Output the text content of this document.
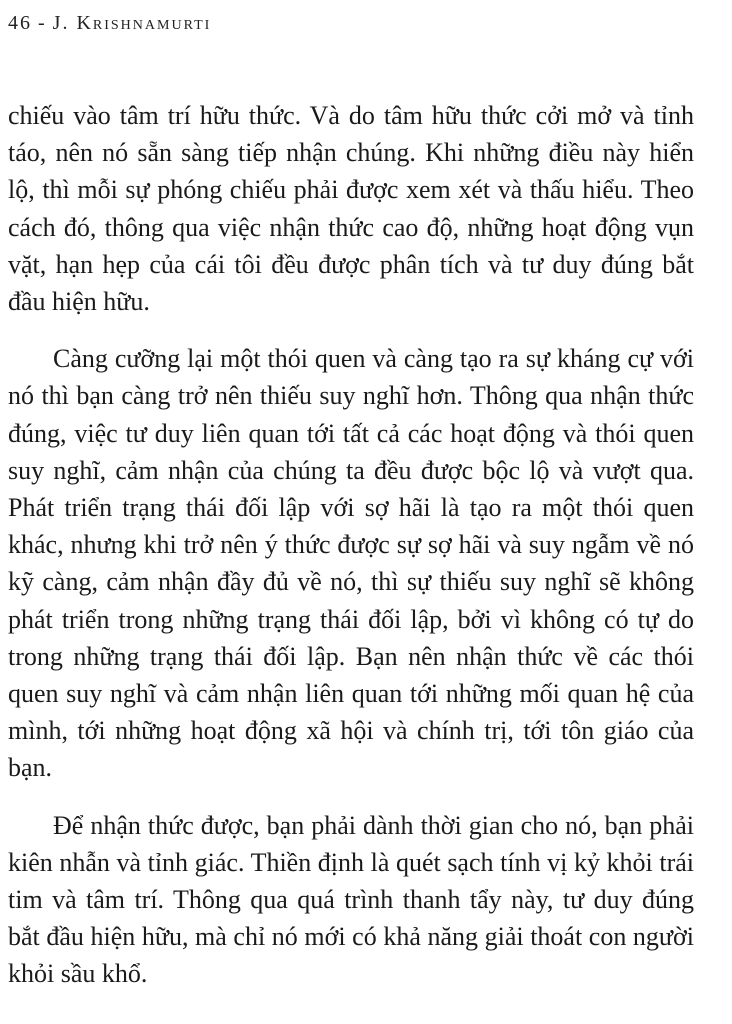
46 - J. Krishnamurti

chiếu vào tâm trí hữu thức. Và do tâm hữu thức cởi mở và tỉnh táo, nên nó sẵn sàng tiếp nhận chúng. Khi những điều này hiển lộ, thì mỗi sự phóng chiếu phải được xem xét và thấu hiểu. Theo cách đó, thông qua việc nhận thức cao độ, những hoạt động vụn vặt, hạn hẹp của cái tôi đều được phân tích và tư duy đúng bắt đầu hiện hữu.

Càng cưỡng lại một thói quen và càng tạo ra sự kháng cự với nó thì bạn càng trở nên thiếu suy nghĩ hơn. Thông qua nhận thức đúng, việc tư duy liên quan tới tất cả các hoạt động và thói quen suy nghĩ, cảm nhận của chúng ta đều được bộc lộ và vượt qua. Phát triển trạng thái đối lập với sợ hãi là tạo ra một thói quen khác, nhưng khi trở nên ý thức được sự sợ hãi và suy ngẫm về nó kỹ càng, cảm nhận đầy đủ về nó, thì sự thiếu suy nghĩ sẽ không phát triển trong những trạng thái đối lập, bởi vì không có tự do trong những trạng thái đối lập. Bạn nên nhận thức về các thói quen suy nghĩ và cảm nhận liên quan tới những mối quan hệ của mình, tới những hoạt động xã hội và chính trị, tới tôn giáo của bạn.

Để nhận thức được, bạn phải dành thời gian cho nó, bạn phải kiên nhẫn và tỉnh giác. Thiền định là quét sạch tính vị kỷ khỏi trái tim và tâm trí. Thông qua quá trình thanh tẩy này, tư duy đúng bắt đầu hiện hữu, mà chỉ nó mới có khả năng giải thoát con người khỏi sầu khổ.
